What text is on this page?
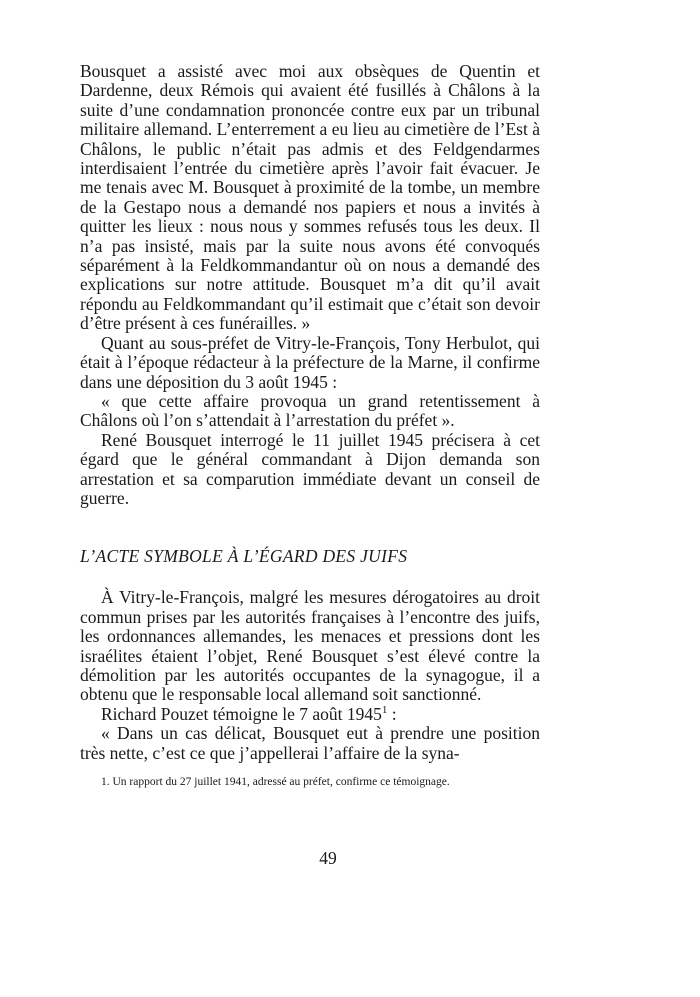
Bousquet a assisté avec moi aux obsèques de Quentin et Dardenne, deux Rémois qui avaient été fusillés à Châlons à la suite d’une condamnation prononcée contre eux par un tribunal militaire allemand. L’enterrement a eu lieu au cimetière de l’Est à Châlons, le public n’était pas admis et des Feldgendarmes interdisaient l’entrée du cimetière après l’avoir fait évacuer. Je me tenais avec M. Bousquet à proximité de la tombe, un membre de la Gestapo nous a demandé nos papiers et nous a invités à quitter les lieux : nous nous y sommes refusés tous les deux. Il n’a pas insisté, mais par la suite nous avons été convoqués séparément à la Feldkommandantur où on nous a demandé des explications sur notre attitude. Bousquet m’a dit qu’il avait répondu au Feldkommandant qu’il estimait que c’était son devoir d’être présent à ces funérailles. »

Quant au sous-préfet de Vitry-le-François, Tony Herbulot, qui était à l’époque rédacteur à la préfecture de la Marne, il confirme dans une déposition du 3 août 1945 :

« que cette affaire provoqua un grand retentissement à Châlons où l’on s’attendait à l’arrestation du préfet ».

René Bousquet interrogé le 11 juillet 1945 précisera à cet égard que le général commandant à Dijon demanda son arrestation et sa comparution immédiate devant un conseil de guerre.

L’ACTE SYMBOLE À L’ÉGARD DES JUIFS

À Vitry-le-François, malgré les mesures dérogatoires au droit commun prises par les autorités françaises à l’encontre des juifs, les ordonnances allemandes, les menaces et pressions dont les israélites étaient l’objet, René Bousquet s’est élevé contre la démolition par les autorités occupantes de la synagogue, il a obtenu que le responsable local allemand soit sanctionné.

Richard Pouzet témoigne le 7 août 1945$^1$ :

« Dans un cas délicat, Bousquet eut à prendre une position très nette, c’est ce que j’appellerai l’affaire de la syna-

1. Un rapport du 27 juillet 1941, adressé au préfet, confirme ce témoignage.

49
